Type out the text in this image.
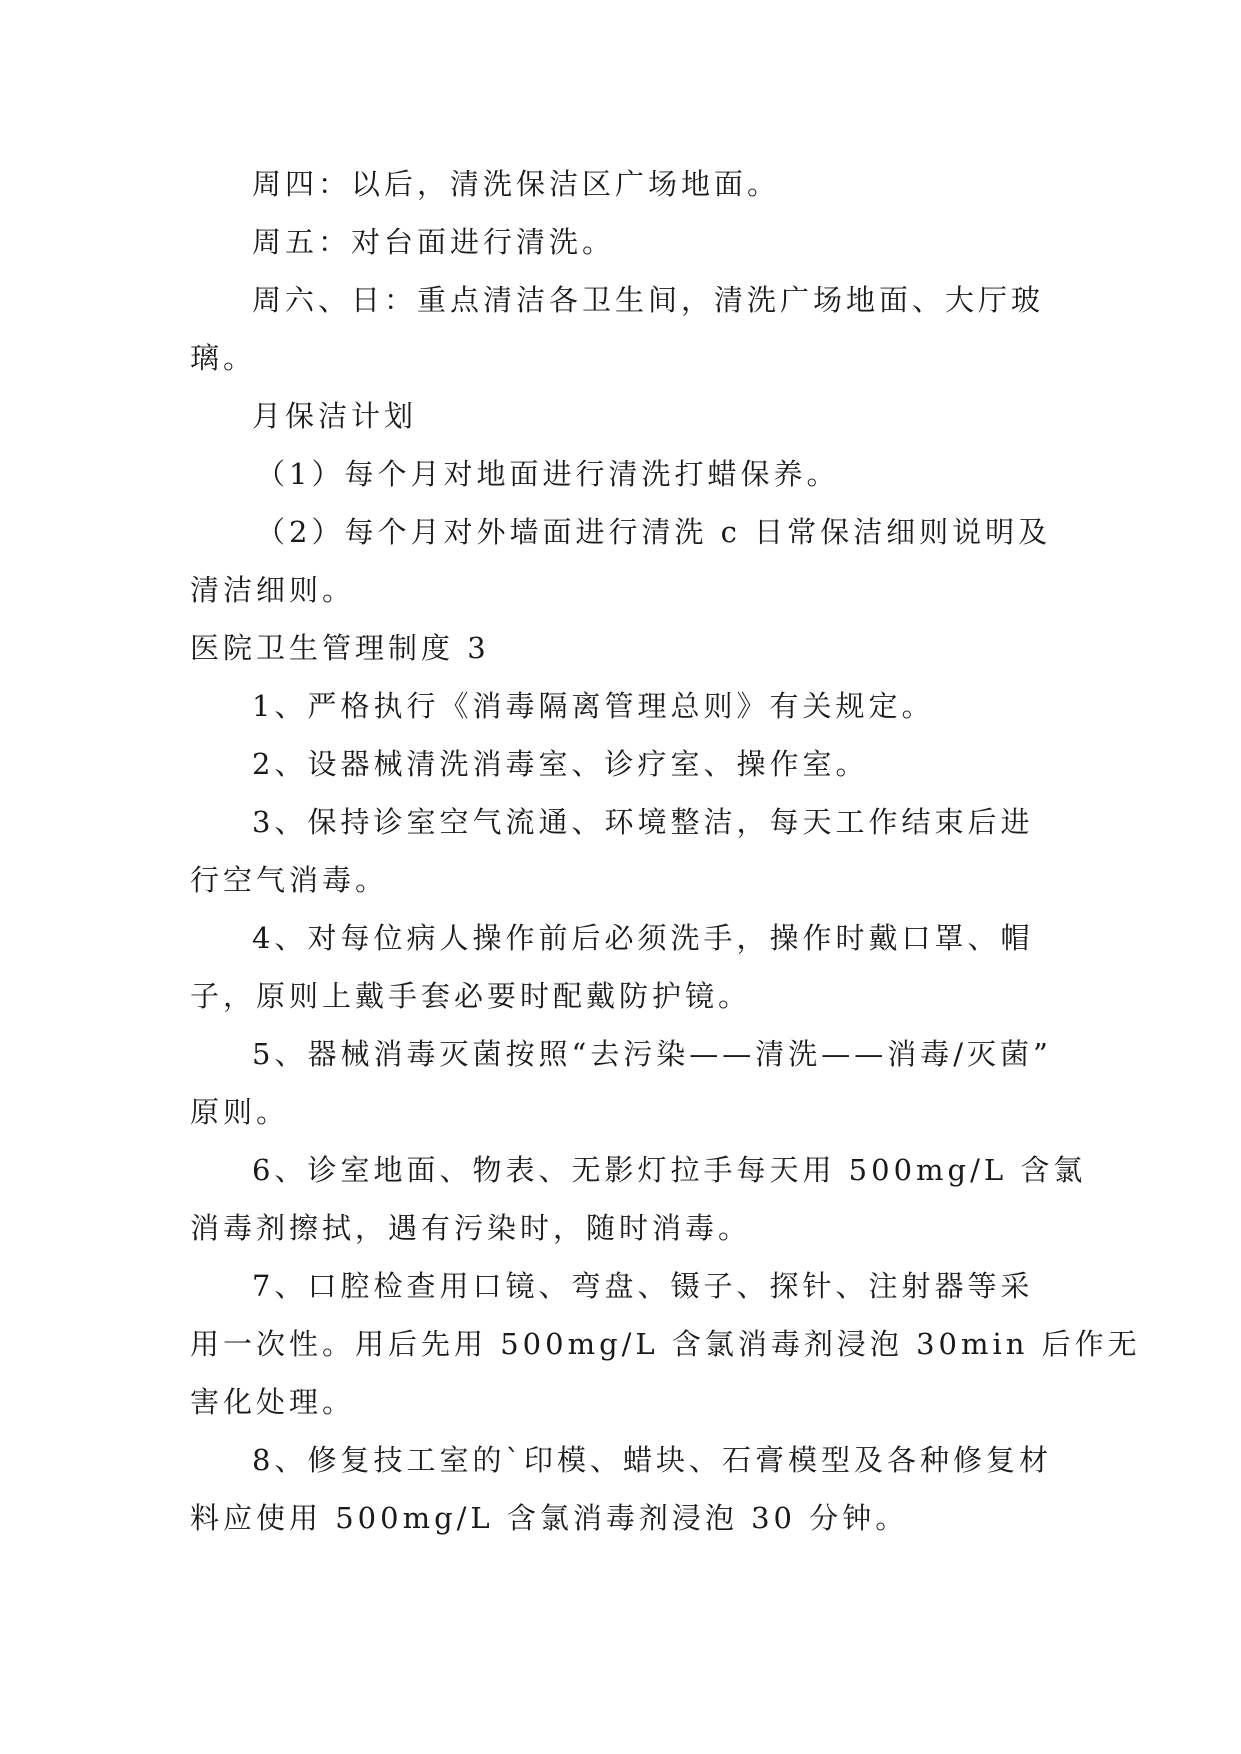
周四：以后，清洗保洁区广场地面。
周五：对台面进行清洗。
周六、日：重点清洁各卫生间，清洗广场地面、大厅玻
璃。
月保洁计划
（1）每个月对地面进行清洗打蜡保养。
（2）每个月对外墙面进行清洗 c 日常保洁细则说明及
清洁细则。
医院卫生管理制度 3
1、严格执行《消毒隔离管理总则》有关规定。
2、设器械清洗消毒室、诊疗室、操作室。
3、保持诊室空气流通、环境整洁，每天工作结束后进
行空气消毒。
4、对每位病人操作前后必须洗手，操作时戴口罩、帽
子，原则上戴手套必要时配戴防护镜。
5、器械消毒灭菌按照“去污染——清洗——消毒/灭菌”
原则。
6、诊室地面、物表、无影灯拉手每天用 500mg/L 含氯
消毒剂擦拭，遇有污染时，随时消毒。
7、口腔检查用口镜、弯盘、镊子、探针、注射器等采
用一次性。用后先用 500mg/L 含氯消毒剂浸泡 30min 后作无
害化处理。
8、修复技工室的`印模、蜡块、石膏模型及各种修复材
料应使用 500mg/L 含氯消毒剂浸泡 30 分钟。
